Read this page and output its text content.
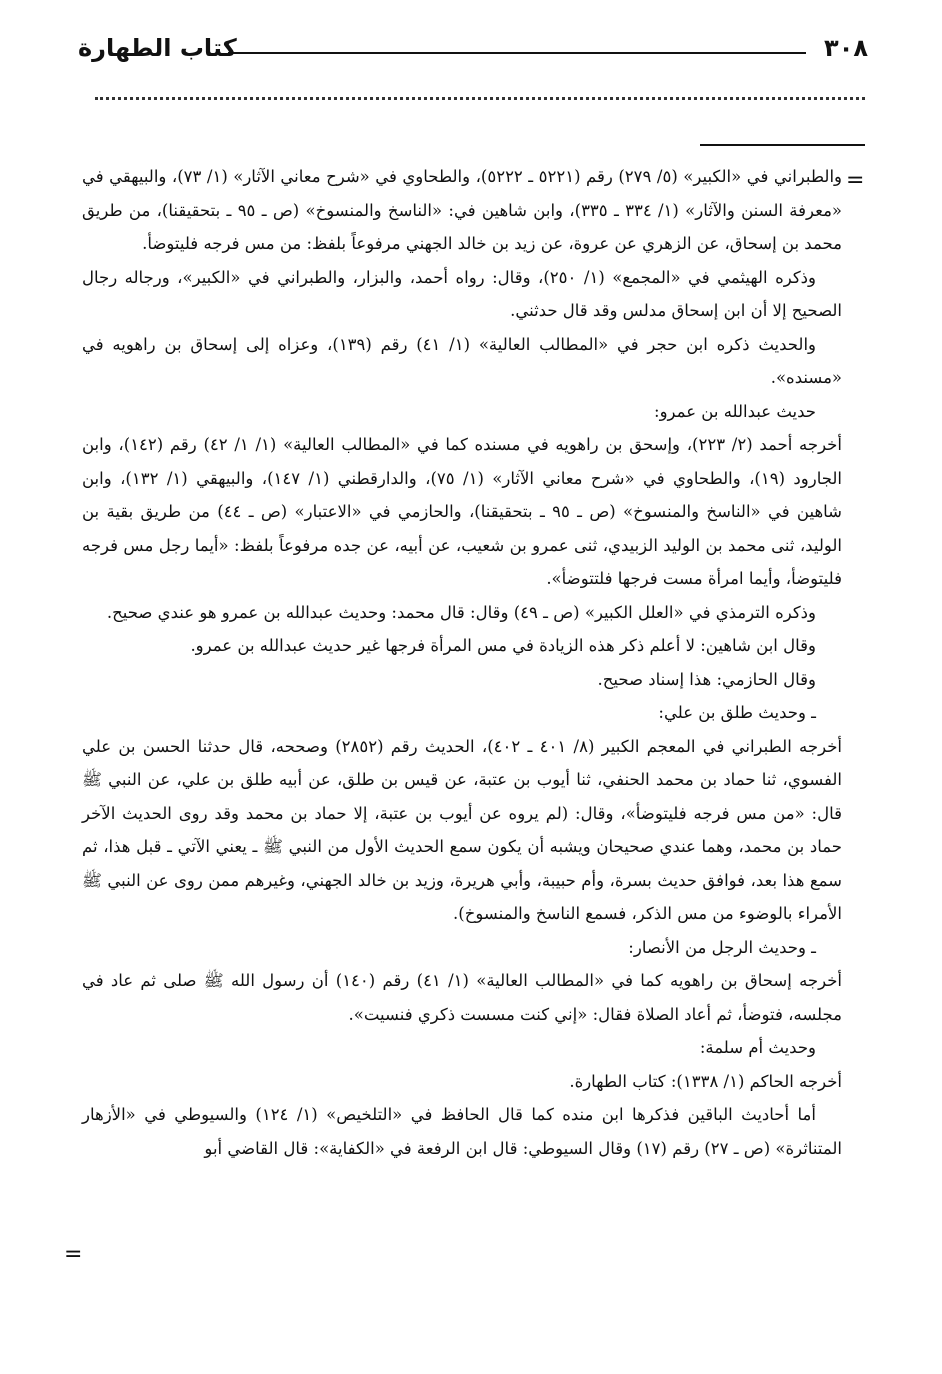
٣٠٨
كتاب الطهارة
=
=

والطبراني في «الكبير» (٥/ ٢٧٩) رقم (٥٢٢١ ـ ٥٢٢٢)، والطحاوي في «شرح معاني الآثار» (١/ ٧٣)، والبيهقي في «معرفة السنن والآثار» (١/ ٣٣٤ ـ ٣٣٥)، وابن شاهين في: «الناسخ والمنسوخ» (ص ـ ٩٥ ـ بتحقيقنا)، من طريق محمد بن إسحاق، عن الزهري عن عروة، عن زيد بن خالد الجهني مرفوعاً بلفظ: من مس فرجه فليتوضأ.

وذكره الهيثمي في «المجمع» (١/ ٢٥٠)، وقال: رواه أحمد، والبزار، والطبراني في «الكبير»، ورجاله رجال الصحيح إلا أن ابن إسحاق مدلس وقد قال حدثني.

والحديث ذكره ابن حجر في «المطالب العالية» (١/ ٤١) رقم (١٣٩)، وعزاه إلى إسحاق بن راهويه في «مسنده».

حديث عبدالله بن عمرو:

أخرجه أحمد (٢/ ٢٢٣)، وإسحق بن راهويه في مسنده كما في «المطالب العالية» (١/ ١/ ٤٢) رقم (١٤٢)، وابن الجارود (١٩)، والطحاوي في «شرح معاني الآثار» (١/ ٧٥)، والدارقطني (١/ ١٤٧)، والبيهقي (١/ ١٣٢)، وابن شاهين في «الناسخ والمنسوخ» (ص ـ ٩٥ ـ بتحقيقنا)، والحازمي في «الاعتبار» (ص ـ ٤٤) من طريق بقية بن الوليد، ثنى محمد بن الوليد الزبيدي، ثنى عمرو بن شعيب، عن أبيه، عن جده مرفوعاً بلفظ: «أيما رجل مس فرجه فليتوضأ، وأيما امرأة مست فرجها فلتتوضأ».

وذكره الترمذي في «العلل الكبير» (ص ـ ٤٩) وقال: قال محمد: وحديث عبدالله بن عمرو هو عندي صحيح.

وقال ابن شاهين: لا أعلم ذكر هذه الزيادة في مس المرأة فرجها غير حديث عبدالله بن عمرو.

وقال الحازمي: هذا إسناد صحيح.

ـ وحديث طلق بن علي:

أخرجه الطبراني في المعجم الكبير (٨/ ٤٠١ ـ ٤٠٢)، الحديث رقم (٢٨٥٢) وصححه، قال حدثنا الحسن بن علي الفسوي، ثنا حماد بن محمد الحنفي، ثنا أيوب بن عتبة، عن قيس بن طلق، عن أبيه طلق بن علي، عن النبي ﷺ قال: «من مس فرجه فليتوضأ»، وقال: (لم يروه عن أيوب بن عتبة، إلا حماد بن محمد وقد روى الحديث الآخر حماد بن محمد، وهما عندي صحيحان ويشبه أن يكون سمع الحديث الأول من النبي ﷺ ـ يعني الآتي ـ قبل هذا، ثم سمع هذا بعد، فوافق حديث بسرة، وأم حبيبة، وأبي هريرة، وزيد بن خالد الجهني، وغيرهم ممن روى عن النبي ﷺ الأمراء بالوضوء من مس الذكر، فسمع الناسخ والمنسوخ).

ـ وحديث الرجل من الأنصار:

أخرجه إسحاق بن راهويه كما في «المطالب العالية» (١/ ٤١) رقم (١٤٠) أن رسول الله ﷺ صلى ثم عاد في مجلسه، فتوضأ، ثم أعاد الصلاة فقال: «إني كنت مسست ذكري فنسيت».

وحديث أم سلمة:

أخرجه الحاكم (١/ ١٣٣٨): كتاب الطهارة.

أما أحاديث الباقين فذكرها ابن منده كما قال الحافظ في «التلخيص» (١/ ١٢٤) والسيوطي في «الأزهار المتناثرة» (ص ـ ٢٧) رقم (١٧) وقال السيوطي: قال ابن الرفعة في «الكفاية»: قال القاضي أبو
